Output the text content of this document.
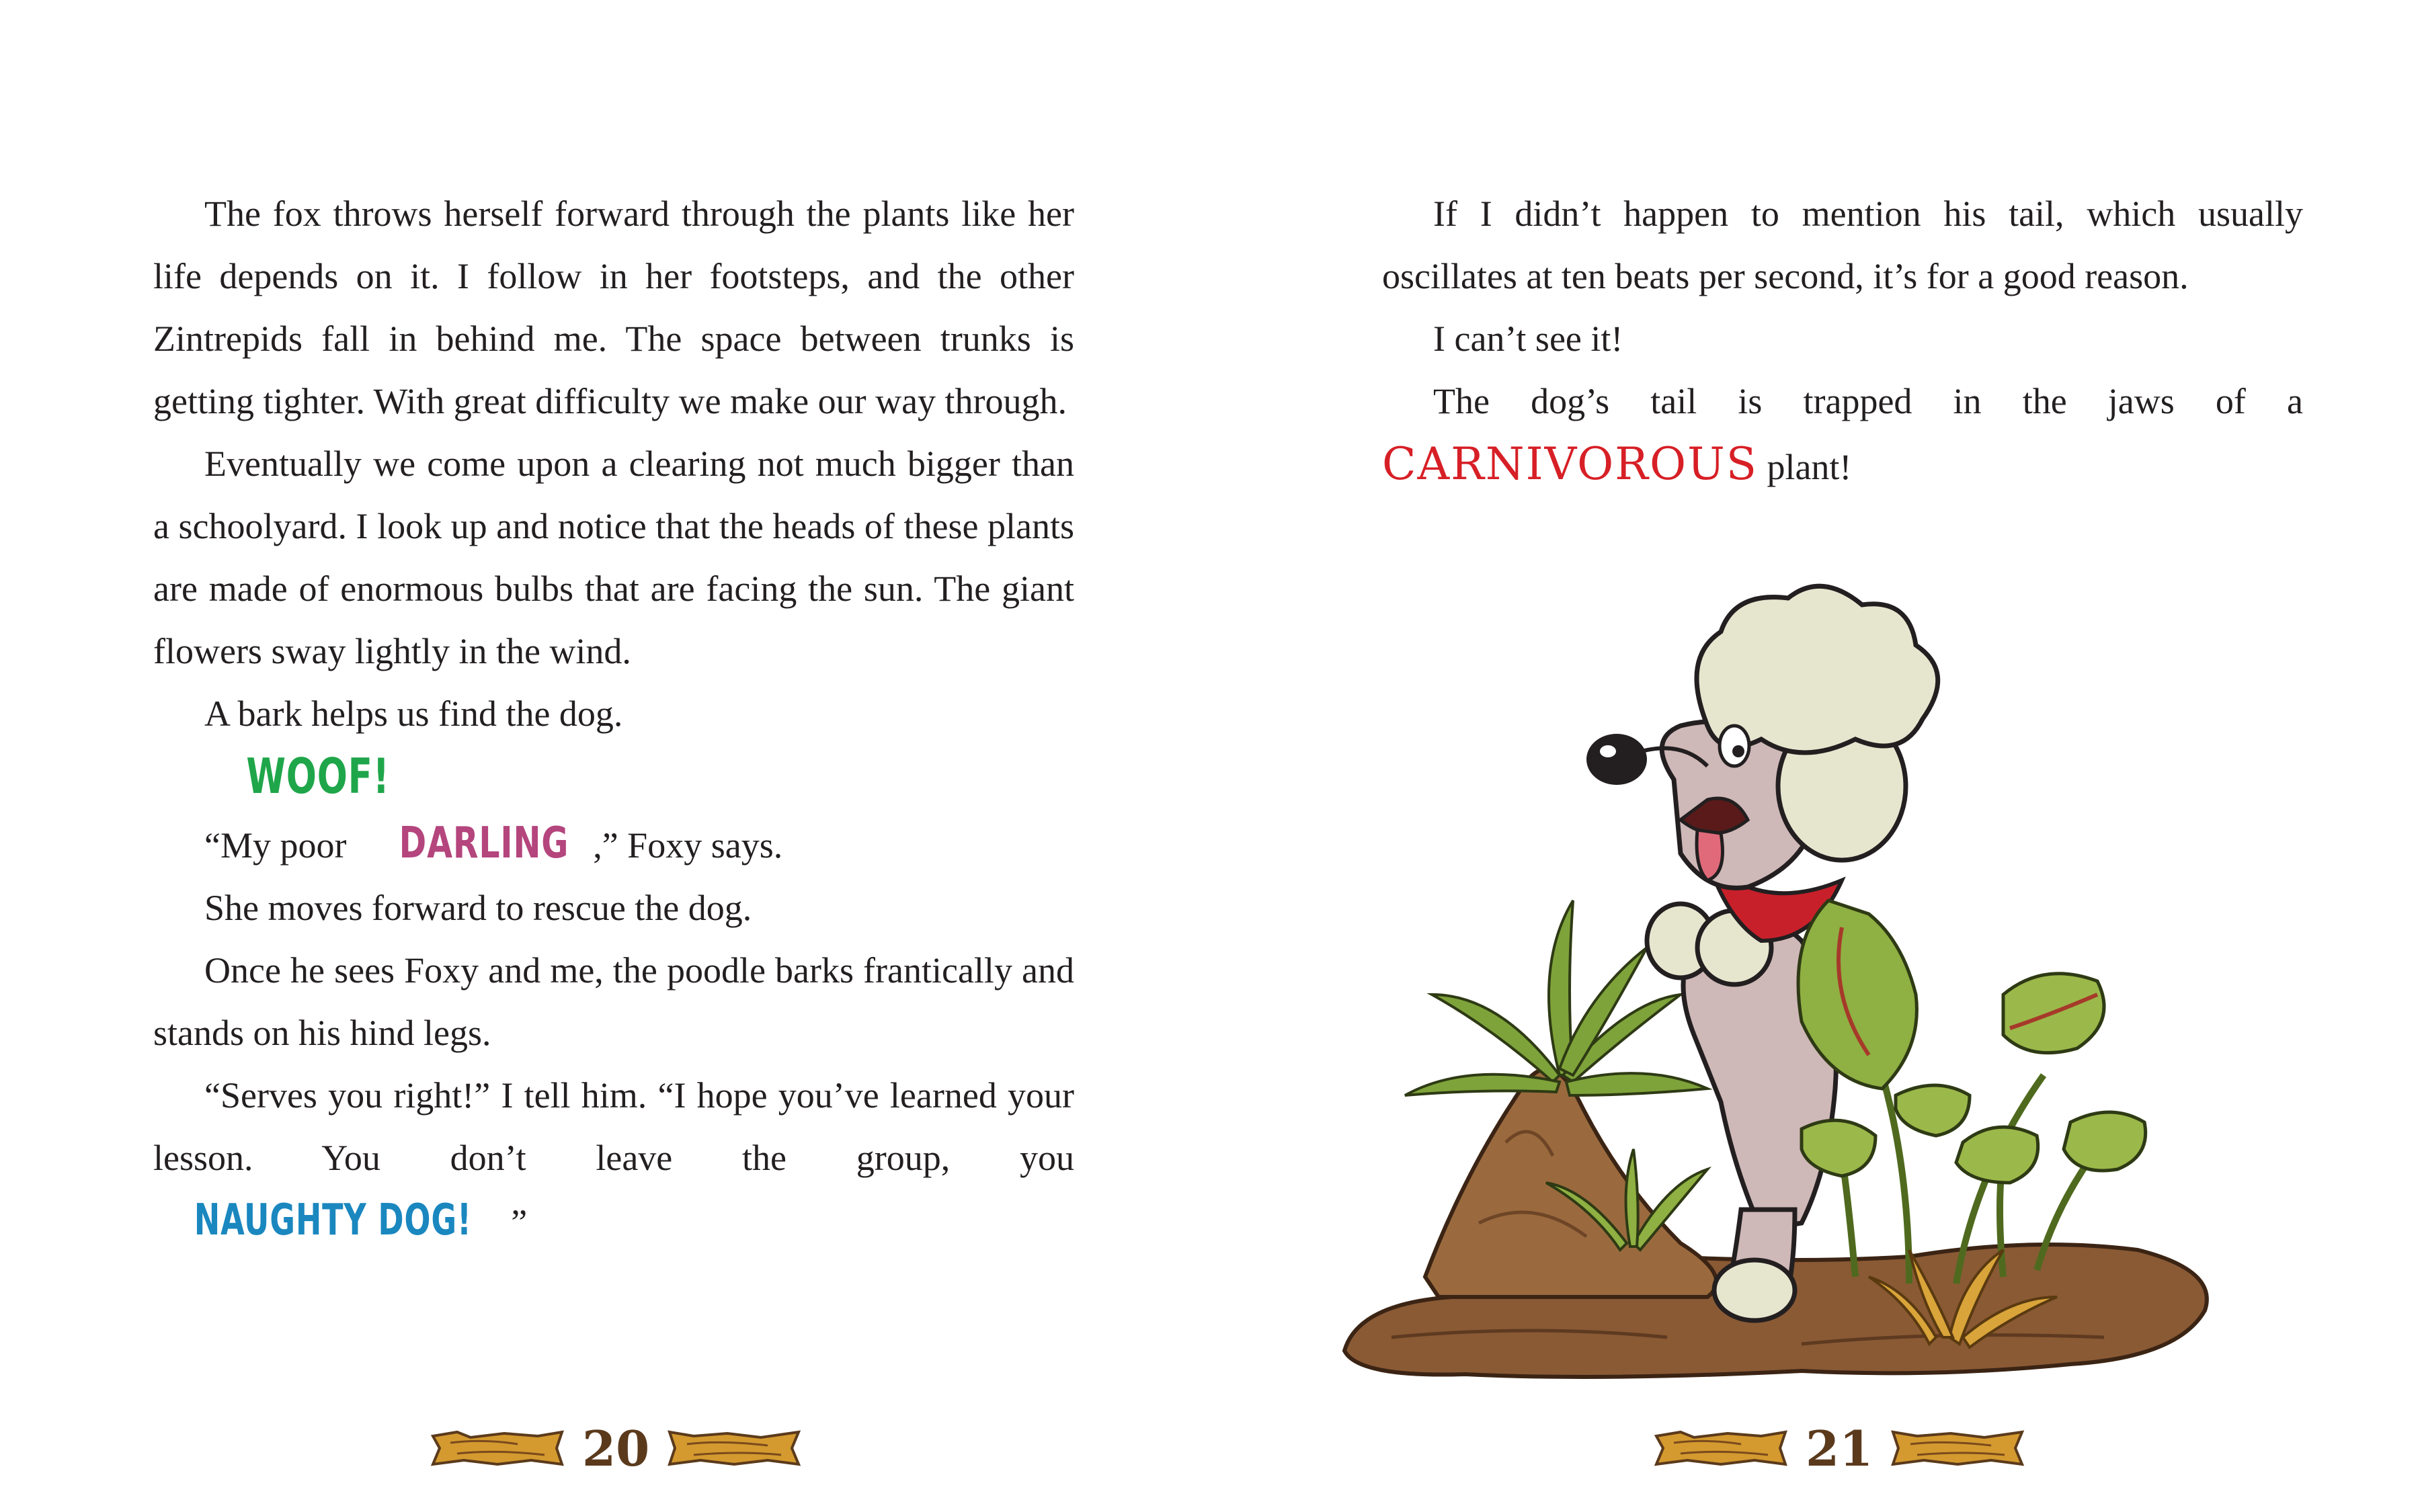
The fox throws herself forward through the plants like her life depends on it. I follow in her footsteps, and the other Zintrepids fall in behind me. The space between trunks is getting tighter. With great difficulty we make our way through.

Eventually we come upon a clearing not much bigger than a schoolyard. I look up and notice that the heads of these plants are made of enormous bulbs that are facing the sun. The giant flowers sway lightly in the wind.

A bark helps us find the dog.

WOOF!

“My poor DARLING ,” Foxy says.

She moves forward to rescue the dog.

Once he sees Foxy and me, the poodle barks frantically and stands on his hind legs.

“Serves you right!” I tell him. “I hope you’ve learned your lesson. You don’t leave the group, you NAUGHTY DOG! ”

20

If I didn’t happen to mention his tail, which usually oscillates at ten beats per second, it’s for a good reason.

I can’t see it!

The dog’s tail is trapped in the jaws of a CARNIVOROUS plant!

21
